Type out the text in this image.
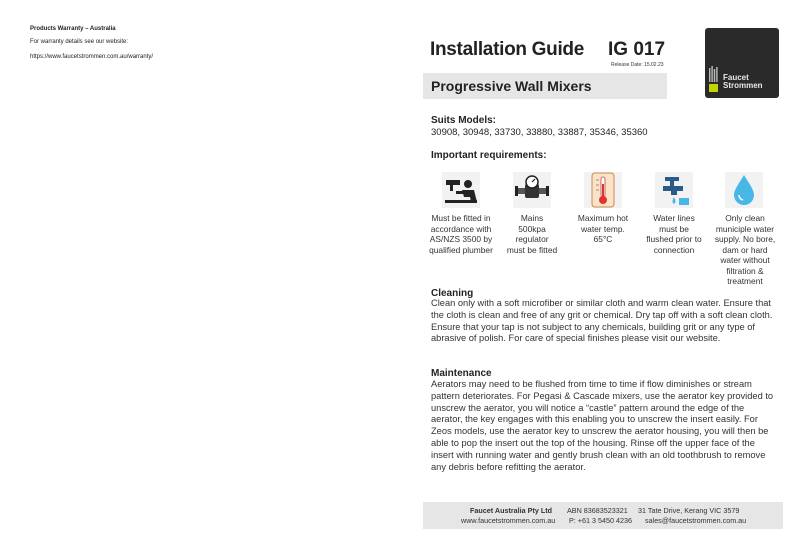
Products Warranty – Australia
For warranty details see our website:
https://www.faucetstrommen.com.au/warranty/	Installation Guide IG 017
Release Date: 15.02.23
Faucet
Strommen
Progressive Wall Mixers
Suits Models:
30908, 30948, 33730, 33880, 33887, 35346, 35360
Important requirements:
Must be fitted in accordance with AS/NZS 3500 by qualified plumber
Mains 500kpa regulator must be fitted
Maximum hot water temp. 65°C
Water lines must be flushed prior to connection
Only clean municiple water supply. No bore, dam or hard water without filtration & treatment
Cleaning
Clean only with a soft microfiber or similar cloth and warm clean water. Ensure that the cloth is clean and free of any grit or chemical. Dry tap off with a soft clean cloth. Ensure that your tap is not subject to any chemicals, building grit or any type of abrasive of polish. For care of special finishes please visit our website.
Maintenance
Aerators may need to be flushed from time to time if flow diminishes or stream pattern deteriorates. For Pegasi & Cascade mixers, use the aerator key provided to unscrew the aerator, you will notice a “castle” pattern around the edge of the aerator, the key engages with this enabling you to unscrew the insert easily. For Zeos models, use the aerator key to unscrew the aerator housing, you will then be able to pop the insert out the top of the housing. Rinse off the upper face of the insert with running water and gently brush clean with an old toothbrush to remove any debris before refitting the aerator.
Faucet Australia Pty Ltd ABN 83683523321 31 Tate Drive, Kerang VIC 3579
www.faucetstrommen.com.au P: +61 3 5450 4236 sales@faucetstrommen.com.au
